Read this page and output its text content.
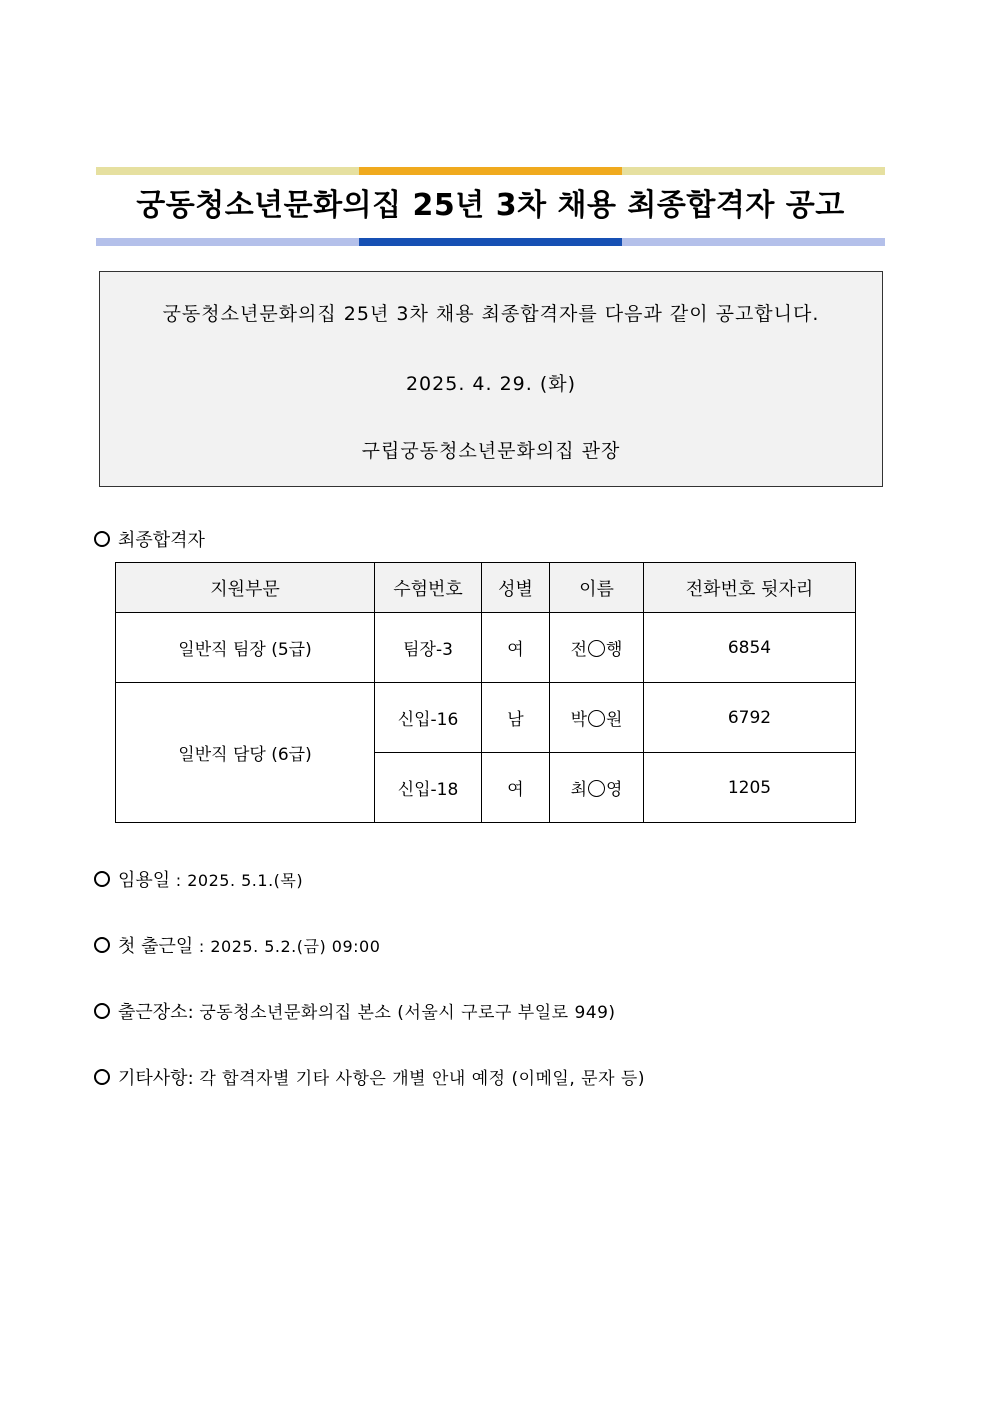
궁동청소년문화의집 25년 3차 채용 최종합격자 공고
궁동청소년문화의집 25년 3차 채용 최종합격자를 다음과 같이 공고합니다.
2025. 4. 29. (화)
구립궁동청소년문화의집 관장
최종합격자
지원부문	수험번호	성별	이름	전화번호 뒷자리
일반직 팀장 (5급)	팀장-3	여	전 행	6854
일반직 담당 (6급)	신입-16	남	박 원	6792
	신입-18	여	최 영	1205
임용일 : 2025. 5.1.(목)
첫 출근일 : 2025. 5.2.(금) 09:00
출근장소: 궁동청소년문화의집 본소 (서울시 구로구 부일로 949)
기타사항: 각 합격자별 기타 사항은 개별 안내 예정 (이메일, 문자 등)
